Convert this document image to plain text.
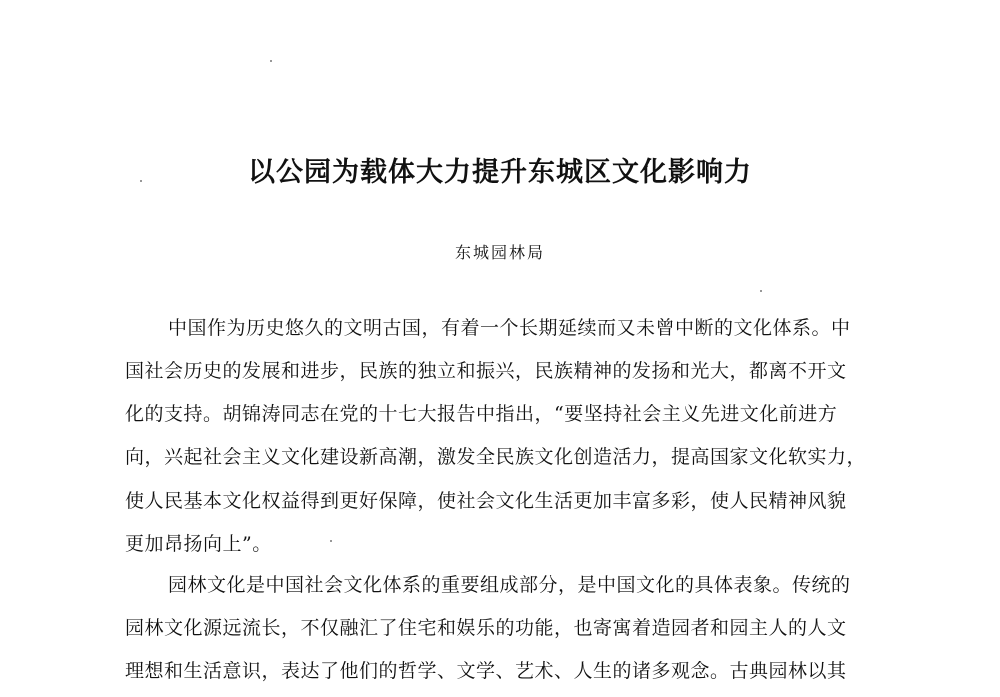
以公园为载体大力提升东城区文化影响力
东城园林局
中国作为历史悠久的文明古国，有着一个长期延续而又未曾中断的文化体系。中
国社会历史的发展和进步，民族的独立和振兴，民族精神的发扬和光大，都离不开文
化的支持。胡锦涛同志在党的十七大报告中指出，“要坚持社会主义先进文化前进方
向，兴起社会主义文化建设新高潮，激发全民族文化创造活力，提高国家文化软实力，
使人民基本文化权益得到更好保障，使社会文化生活更加丰富多彩，使人民精神风貌
更加昂扬向上”。
园林文化是中国社会文化体系的重要组成部分，是中国文化的具体表象。传统的
园林文化源远流长，不仅融汇了住宅和娱乐的功能，也寄寓着造园者和园主人的人文
理想和生活意识，表达了他们的哲学、文学、艺术、人生的诸多观念。古典园林以其
